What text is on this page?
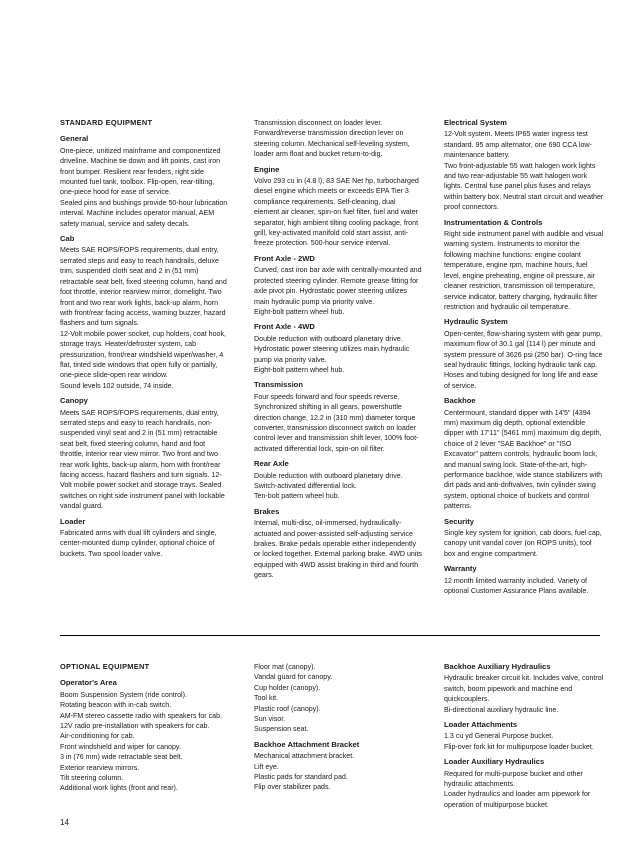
STANDARD EQUIPMENT
General

One-piece, unitized mainframe and componentized driveline. Machine tie down and lift points, cast iron front bumper. Resilient rear fenders, right side mounted fuel tank, toolbox. Flip-open, rear-tilting, one-piece hood for ease of service.
Sealed pins and bushings provide 50-hour lubrication interval. Machine includes operator manual, AEM safety manual, service and safety decals.

Cab

Meets SAE ROPS/FOPS requirements, dual entry, serrated steps and easy to reach handrails, deluxe trim, suspended cloth seat and 2 in (51 mm) retractable seat belt, fixed steering column, hand and foot throttle, interior rearview mirror, domelight. Two front and two rear work lights, back-up alarm, horn with front/rear facing access, warning buzzer, hazard flashers and turn signals.
12-Volt mobile power socket, cup holders, coat hook, storage trays. Heater/defroster system, cab pressurization, front/rear windshield wiper/washer, 4 flat, tinted side windows that open fully or partially, one-piece slide-open rear window.
Sound levels 102 outside, 74 inside.

Canopy

Meets SAE ROPS/FOPS requirements, dual entry, serrated steps and easy to reach handrails, non-suspended vinyl seat and 2 in (51 mm) retractable seat belt, fixed steering column, hand and foot throttle, interior rear view mirror. Two front and two rear work lights, back-up alarm, horn with front/rear facing access, hazard flashers and turn signals. 12-Volt mobile power socket and storage trays. Sealed switches on right side instrument panel with lockable vandal guard.

Loader

Fabricated arms with dual lift cylinders and single, center-mounted dump cylinder, optional choice of buckets. Two spool loader valve.

Transmission disconnect on loader lever.
Forward/reverse transmission direction lever on steering column. Mechanical self-leveling system, loader arm float and bucket return-to-dig.

Engine

Volvo 293 cu in (4.8 l), 83 SAE Net hp, turbocharged diesel engine which meets or exceeds EPA Tier 3 compliance requirements. Self-cleaning, dual element air cleaner, spin-on fuel filter, fuel and water separator, high ambient tilting cooling package, front grill, key-activated manifold cold start assist, anti-freeze protection. 500-hour service interval.

Front Axle - 2WD

Curved, cast iron bar axle with centrally-mounted and protected steering cylinder. Remote grease fitting for axle pivot pin. Hydrostatic power steering utilizes main hydraulic pump via priority valve.
Eight-bolt pattern wheel hub.

Front Axle - 4WD

Double reduction with outboard planetary drive. Hydrostatic power steering utilizes main hydraulic pump via priority valve.
Eight-bolt pattern wheel hub.

Transmission

Four speeds forward and four speeds reverse. Synchronized shifting in all gears, powershuttle direction change, 12.2 in (310 mm) diameter torque converter, transmission disconnect switch on loader control lever and transmission shift lever, 100% foot-activated differential lock, spin-on oil filter.

Rear Axle

Double reduction with outboard planetary drive. Switch-activated differential lock.
Ten-bolt pattern wheel hub.

Brakes

Internal, multi-disc, oil-immersed, hydraulically-actuated and power-assisted self-adjusting service brakes. Brake pedals operable either independently or locked together. External parking brake. 4WD units equipped with 4WD assist braking in third and fourth gears.

Electrical System

12-Volt system. Meets IP65 water ingress test standard. 95 amp alternator, one 690 CCA low-maintenance battery.
Two front-adjustable 55 watt halogen work lights and two rear-adjustable 55 watt halogen work lights. Central fuse panel plus fuses and relays within battery box. Neutral start circuit and weather proof connectors.

Instrumentation & Controls

Right side instrument panel with audible and visual warning system. Instruments to monitor the following machine functions: engine coolant temperature, engine rpm, machine hours, fuel level, engine preheating, engine oil pressure, air cleaner restriction, transmission oil temperature, service indicator, battery charging, hydraulic filter restriction and hydraulic oil temperature.

Hydraulic System

Open-center, flow-sharing system with gear pump, maximum flow of 30.1 gal (114 l) per minute and system pressure of 3626 psi (250 bar). O-ring face seal hydraulic fittings, locking hydraulic tank cap. Hoses and tubing designed for long life and ease of service.

Backhoe

Centermount, standard dipper with 14'5" (4394 mm) maximum dig depth, optional extendible dipper with 17'11" (5461 mm) maximum dig depth, choice of 2 lever "SAE Backhoe" or "ISO Excavator" pattern controls, hydraulic boom lock, and manual swing lock. State-of-the-art, high-performance backhoe, wide stance stabilizers with dirt pads and anti-driftvalves, twin cylinder swing system, optional choice of buckets and control patterns.

Security

Single key system for ignition, cab doors, fuel cap, canopy unit vandal cover (on ROPS units), tool box and engine compartment.

Warranty

12 month limited warranty included. Variety of optional Customer Assurance Plans available.

OPTIONAL EQUIPMENT
Operator's Area

Boom Suspension System (ride control).
Rotating beacon with in-cab switch.
AM-FM stereo cassette radio with speakers for cab.
12V radio pre-installation with speakers for cab.
Air-conditioning for cab.
Front windshield and wiper for canopy.
3 in (76 mm) wide retractable seat belt.
Exterior rearview mirrors.
Tilt steering column.
Additional work lights (front and rear).

Floor mat (canopy).
Vandal guard for canopy.
Cup holder (canopy).
Tool kit.
Plastic roof (canopy).
Sun visor.
Suspension seat.

Backhoe Attachment Bracket

Mechanical attachment bracket.
Lift eye.
Plastic pads for standard pad.
Flip over stabilizer pads.

Backhoe Auxiliary Hydraulics

Hydraulic breaker circuit kit. Includes valve, control switch, boom pipework and machine end quickcouplers.
Bi-directional auxiliary hydraulic line.

Loader Attachments

1.3 cu yd General Purpose bucket.
Flip-over fork kit for multipurpose loader bucket.

Loader Auxiliary Hydraulics

Required for multi-purpose bucket and other hydraulic attachments.
Loader hydraulics and loader arm pipework for operation of multipurpose bucket.

14
